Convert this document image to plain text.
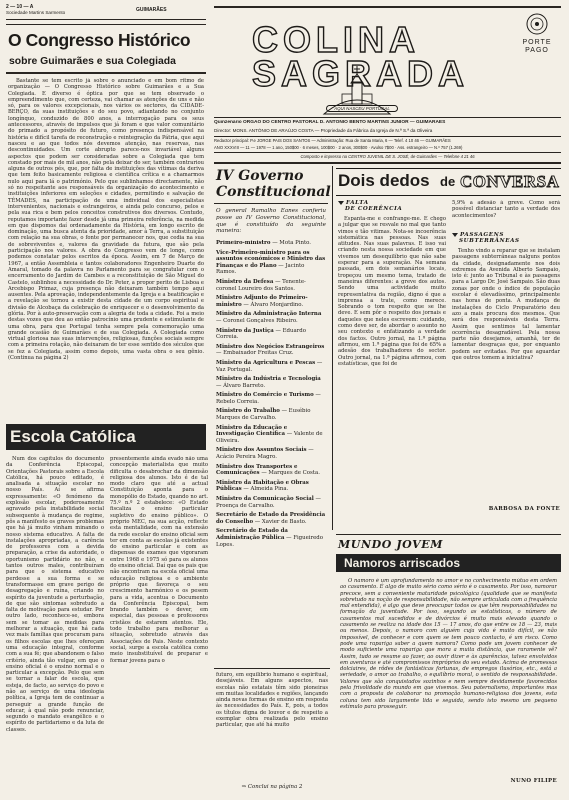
2 — 10 — A
Sociedade Martins Sarmento	GUIMARÃES
O Congresso Histórico
sobre Guimarães e sua Colegiada

Bastante se tem escrito já sobre o anunciado e em bom ritmo de organização — O Congresso Histórico sobre Guimarães e a Sua Colegiada. E diverso é óptica por que se tem observado o empreendimento que, com certeza, vai chamar as atenções de uns e não só, para os valores excepcionais, nos vários os sectores, da CIDADE-BERÇO, da suas instituições e do seu povo, adiantando no conjunto longínquo, conduzido de 800 anos, a interrogação para os seus antecessores, através de impulsos que já foram e que valor comunitário do primado a propósito de futuro, como presença indispensável na história e difícil tarefa de reconstrução e reintegração da Pátria, que aqui nasceu e ao que todos nós devemos atenção, nas reservas, nas descontinuidades. Um corte abrupto parece-nos invariável alguns aspectos que podem ser consideradas sobre a Colegiada que tem constado por mais de mil anos, não pela deixar do ser, também contrariou alguns de outros pés, que, por falta de instituições das vítimas da deriva que tem feito basicamente religiosa e científica crítica e a chamarmos nulo aqui para lá o património. Pelo que sublinhamos directamente, não só no respeitante aos responsáveis da organização do acontecimento e instituições inferiores em seleções e cidades, permitindo e salvação de TÉMADES, na participação de uma individual dos especialistas intervenientes, nacionais e estrangeiros, e ainda pelo concurso, pelos e pela sua rica e bem pelos conceitos construtivos dos diversos. Contudo, reputamos importante fazer desde já uma primeira referência, na medida em que dispomos daí ordenadamente da História, em longo escrito de dominação, uma busca atenta da prioridade, amor à Terra, a substituição com relação na sua obras, o fonte por permanecer nos, que cedia na sua de sobreviventes e, valores da gravidade da futura, que são pela participação nos valores. A obra do Congresso vem de longe, como podemos constatar pelos escritos da época. Assim, em 7 de Março de 1967, a então Assembleia e tantos colaboradores Engenheiro Duarte do Amaral, tomado da palavra no Parlamento para se congratular com o encerramento do Jardim de Cambes e a reconstituição de São Miguel do Castelo, sublinhou a necessidade do Dr. Peter, a propor perito de Lisboa e Arcebispo Primaz, cuja presença não deixaram também tempo aqui ausentes. Pela aprovação, independentemente da Igreja e a beatificação e a revelação se tornou a existir desta cidade de um corpo espiritual e divisão de Alcobaça da celebração de enriquecer e o desenvolvimento da glória. Por à auto-preservação com a alegria de toda a cidade. Foi a meio destas vozes que deu ao então patrocínio uma prudente e estimulante de uma obra, para que Portugal tenha sempre pela comemoração uma grande ocasião de Guimarães e de sua Colegiada. A Colegiada como virtual gloriosa nas suas intervenções, religiosas, funções sociais sempre com a primeira rotação, não deixaram de ter esse sentido dos séculos que se fez a Colegiada, assim como depois, uma vasta obra o seu gênio. (Continua na página 2)

Escola Católica

Num dos capítulos do documento da Conferência Episcopal, Orientações Pastorais sobre a Escola Católica, há pouco editado, é analisada a situação escolar no nosso País. Aí se afirma expressamente: «O fenómeno da explosão escolar, poderosamente agravado pela instabilidade social subsequente à mudança de regime, pôs a manifesto os graves problemas que há já muito vinham minando o nosso sistema educativo. A falta de instalações apropriadas, a carência de professores com a devida preparação, a crise da autoridade, o oportunismo partidário no não, e tantos outros males, contribuíram para que o sistema educativo perdesse a sua forma e se transformasse em grave perigo de desagregação e ruína, criando no espírito da juventude a perturbação, de que são sintomas sobretudo a falta de motivação para estudar. Por outro lado, reconhece-se, embora sem se tomar as medidas para melhorar a situação, que há cada vez mais famílias que procuram para os filhos escolas que lhes ofereçam uma educação integral, conforme com a sua fé; que abandonem o falso critério, ainda tão vulgar, em que o ensino oficial é o ensino normal e o particular a excepção. Pelo que sem se tornar a falar de escola, que esteja, de facto, ao serviço do povo e não ao serviço de uma ideologia política, a Igreja tem de continuar a perseguir a grande função de educar, à qual não pode renunciar, segundo o mandato evangélico e o espírito de partidarismo e da luta de classes.

presentemente ainda evado não uma concepção materialista que muito dificulta o desabrochar da dimensão religiosa dos alunos. Isto é de tal modo claro que até a actual Constituição aponta para o monopólio do Estado, quando no art. 75.º n.º 2 estabelece: «O Estado fiscaliza o ensino particular supletivo do ensino público». O próprio MEC, na sua acção, reflecte esta mentalidade, com na extensão da rede escolar do ensino oficial sem ter em conta as escolas já existentes do ensino particular e com as dispensas de exames que vigoraram entre 1968 e 1975 só para os alunos do ensino oficial. Daí que os pais que não encontram na escola oficial uma educação religiosa e o ambiente próprio que favoreça o seu crescimento harmónico e os pesem para a vida, acentua o Documento da Conferência Episcopal, bem brando também o dever, em especial, das pessoas e professores cristãos de estarem atentos. Ele, todo trabalho para melhorar a situação, sobretudo através das Associações de Pais. Neste contexto social, surge a escola católica como meio insubstituível de preparar e formar jovens para o

COLINA
SAGRADA
AQUI NASCEU PORTUGAL
PORTE
PAGO
Quinzenário ÓRGÃO DO CENTRO PASTORAL D. ANTÓNIO BENTO MARTINS JÚNIOR — GUIMARÃES
Director: MONS. ANTÓNIO DE ARAÚJO COSTA — Propriedade da Fábrica da Igreja de N.ª S.ª da Oliveira
Redactor principal: P.e JORGE PAIS DOS SANTOS — Administração: Rua de Santa Maria, 6 — Telef. 4 10 46 — GUIMARÃES
ANO XXXVIII — 11 — 1978 — 1 ano, 150$00 · 6 meses, 100$00 · 2 anos, 300$00 · Avulso 7$00 · Ass. estrangeiro — N.º 757 (1.269)
Composto e impresso na CENTRO JUVENIL DE S. JOSÉ, de Guimarães — Telefone 4 21 46
IV Governo
Constitucional

O general Ramalho Eanes conferiu posse ao IV Governo Constitucional, que é constituído da seguinte maneira:

Primeiro-ministro — Mota Pinto.
Vice-Primeiro-ministro para os assuntos económicos e Ministro das Finanças e do Plano — Jacinto Ramos.
Ministro da Defesa — Tenente-coronel Loureiro dos Santos.
Ministro Adjunto do Primeiro-ministro — Álvaro Monjardino.
Ministro da Administração Interna — Coronel Gonçalves Ribeiro.
Ministro da Justiça — Eduardo Correia.
Ministro dos Negócios Estrangeiros — Embaixador Freitas Cruz.
Ministro da Agricultura e Pescas — Vaz Portugal.
Ministro da Indústria e Tecnologia — Álvaro Barreto.
Ministro do Comércio e Turismo — Rebelo Correia.
Ministro do Trabalho — Eusébio Marques de Carvalho.
Ministro da Educação e Investigação Científica — Valente de Oliveira.
Ministro dos Assuntos Sociais — Acácio Pereira Magro.
Ministro dos Transportes e Comunicações — Marques de Costa.
Ministro da Habitação e Obras Públicas — Almeida Pina.
Ministro da Comunicação Social — Proença de Carvalho.
Secretário de Estado da Presidência do Conselho — Xavier de Basto.
Secretário de Estado da Administração Pública — Figueiredo Lopes.
Dois dedos de CONVERSA
FALTA
DE COERÊNCIA

Espanta-me e confrange-me. É chego a julgar que se resvale no mal que tanto vimos e tão vitimas. Nota-se incoerência sistemática nas pessoas. Nas suas atitudes. Nas suas palavras. E isso vai criando nesta nossa sociedade em que vivemos um desequilíbrio que não sabe esperar para a superação. Na semana passada, em dois semanários locais, tropeçou um mesmo tema, tratado de maneiras diferentes: a greve dos autos. Sendo uma actividade muito representativa da região, digno é que a imprensa a trate, como merece. Sobrando o tom respeito que se lhe deve. E sem pôr o respeito dos jornais e daqueles que neles escrevem: cuidando, como deve ser, de abordar o assunto no seu contexto e enfatizando a verdade dos factos. Outro jornal, na 1.ª página afirmou, em 1.ª página que foi de 65% a adesão dos trabalhadores do sector. Outro jornal, na 1.ª página afirmou, com estatísticas, que foi de

5,9% a adesão à greve. Como será possível distanciar tanto a verdade dos acontecimentos?

PASSAGENS
SUBTERRÂNEAS

Tenho vindo a reparar que se instalam passagens subterrâneas nalguns pontos da cidade, designadamente nos dois extremos da Avenida Alberto Sampaio, isto é: junto ao Tribunal e às passagens para a Largo Dr. José Sampaio. São duas zonas por onde o índice de população escolar é elevadíssimo, principalmente nas horas de ponta. A mudança de instalações do Ciclo Preparatório deu azo a mais procura dos mesmos. Que será dos responsáveis desta Terra. Assim que sentimos tal lamentar ocorrência desagradável. Pela nossa parte não desejamos, amanhã, ter de lamentar desgraças que, por enquanto podem ser evitadas. Por que aguardar que outros tomem a iniciativa?

BARBOSA DA FONTE
MUNDO JOVEM
Namoros arriscados

O namoro é um aprofundamento no amor e no conhecimento mútuo em ordem ao casamento. É algo de muito sério como sério é o casamento. Por isso, namorar precoce, sem a conveniente maturidade psicológica (qualidade que se manifesta sobretudo na noção de responsabilidade, não sempre articulada com a frequência mal entendida), é algo que deve preocupar todos os que têm responsabilidades na formação da juventude. Por isso, segundo as estatísticas, o número de casamentos mal sucedidos e de divórcios é muito mais elevado quando o casamento se realiza na idade dos 15 — 17 anos, do que entre os 18 — 23, mais ou menos. Depois, o namoro com alguém cuja vida é muito difícil, se não impossível, de conhecer e com quem se tem pouco contacto, é um risco. Como pode uma rapariga saber a quem namora? Como pode um jovem conhecer de modo suficiente uma rapariga que mora a muita distância, que raramente vê? Assim, tudo se resume ao fazer, ao ouvir dizer e às aparências, talvez envolvidos em aventuras e até compromissos impróprios do seu estado. Acima de promessas dolciaires, de rôdes de fantásticas fortunas, de empregos ilusórios, etc., está a seriedade, o amor ao trabalho, o equilíbrio moral, o sentido de responsabilidade. Valores que são conquistados sozinhos e nem sempre devidamente favorecidos pela frivolidade do mundo em que vivemos. Seu paternalismo, importantes mas com a proposta de colaborar na promoção humano-religiosa dos jovens, esta coluna tem sido largamente lida e seguida, sendo isto mesmo um pequeno estímulo para prosseguir.

NUNO FILIPE

futuro, em equilíbrio humano e espiritual, desejáveis. Em alguns aspectos, nas escolas não estatais têm sido pioneiras em muitas localidades e regiões, lançando ainda novas formas de ensino em resposta às necessidades do País. E, pois, a todos os títulos digna de louvor e de respeito a exemplar obra realizada pelo ensino particular, que até há muito

⇒ Conclui na página 2
